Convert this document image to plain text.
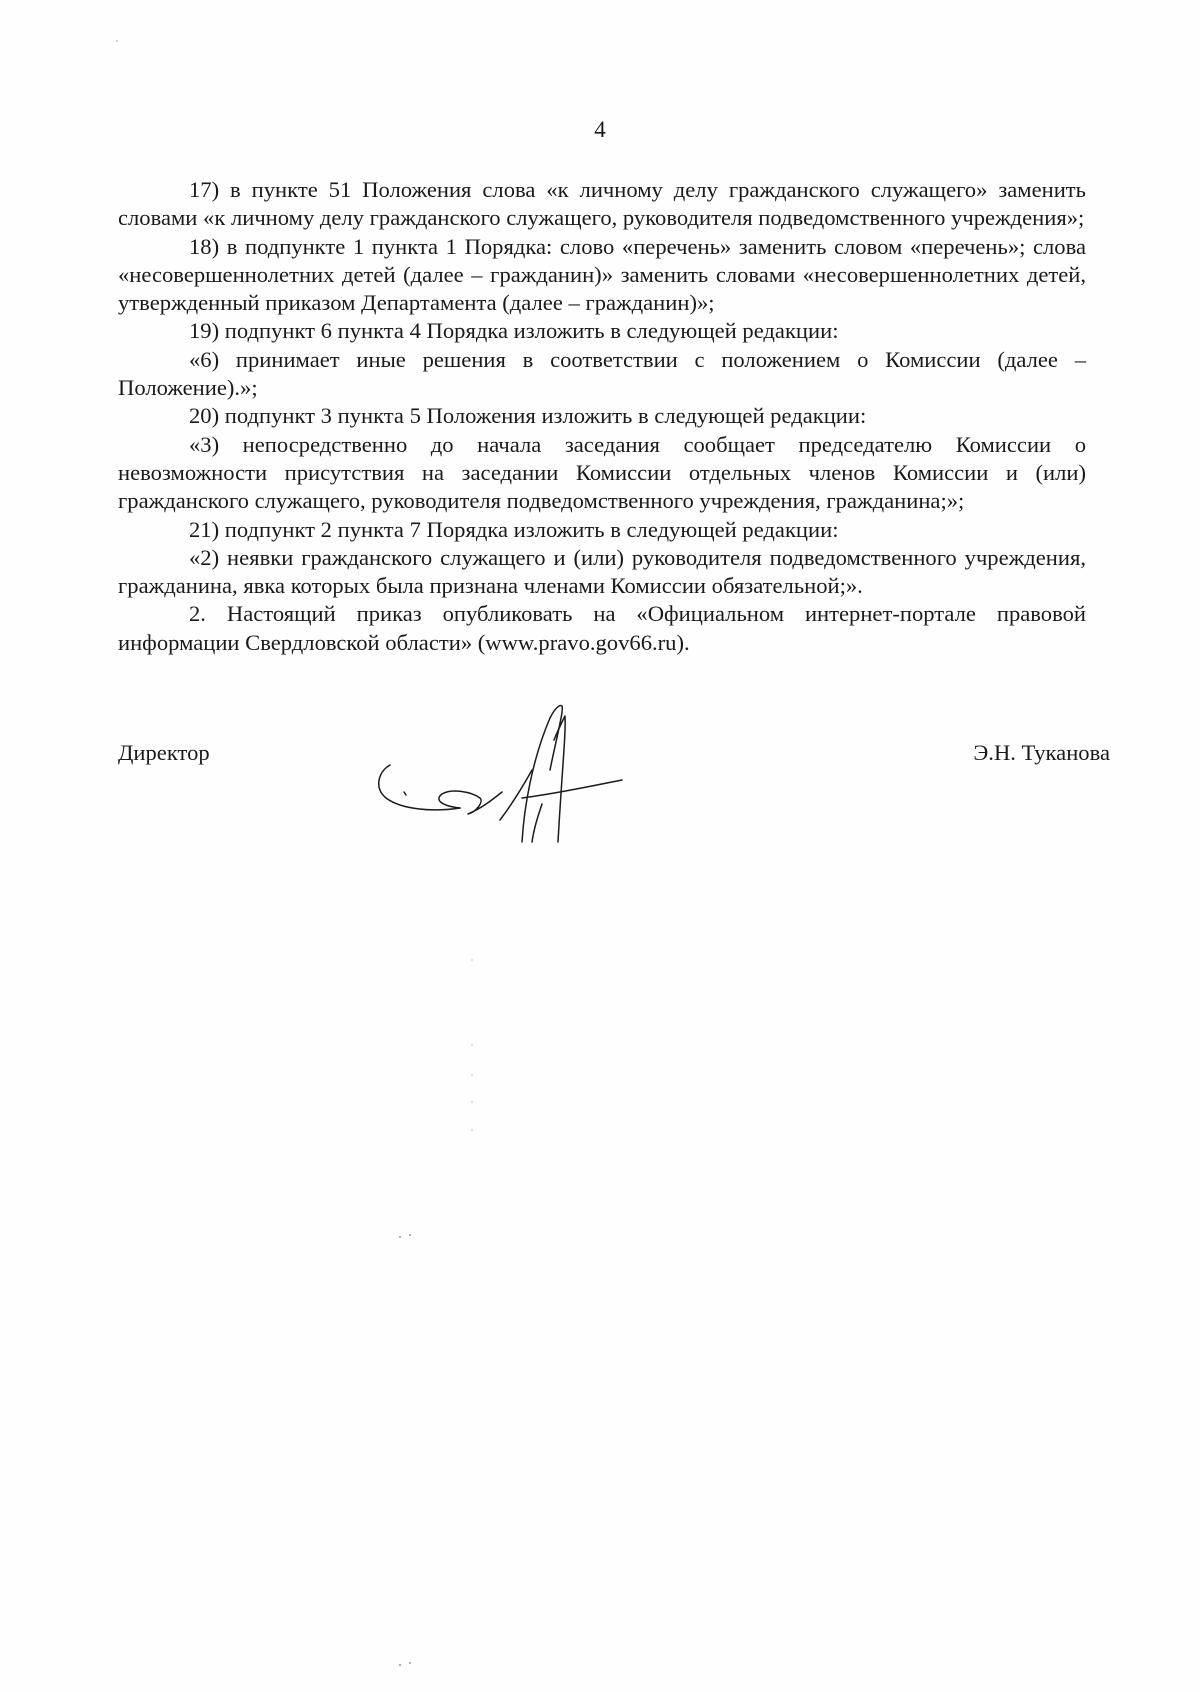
4

17) в пункте 51 Положения слова «к личному делу гражданского служащего» заменить словами «к личному делу гражданского служащего, руководителя подведомственного учреждения»;

18) в подпункте 1 пункта 1 Порядка: слово «перечень» заменить словом «перечень»; слова «несовершеннолетних детей (далее – гражданин)» заменить словами «несовершеннолетних детей, утвержденный приказом Департамента (далее – гражданин)»;

19) подпункт 6 пункта 4 Порядка изложить в следующей редакции:

«6) принимает иные решения в соответствии с положением о Комиссии (далее – Положение).»;

20) подпункт 3 пункта 5 Положения изложить в следующей редакции:

«3) непосредственно до начала заседания сообщает председателю Комиссии о невозможности присутствия на заседании Комиссии отдельных членов Комиссии и (или) гражданского служащего, руководителя подведомственного учреждения, гражданина;»;

21) подпункт 2 пункта 7 Порядка изложить в следующей редакции:

«2) неявки гражданского служащего и (или) руководителя подведомственного учреждения, гражданина, явка которых была признана членами Комиссии обязательной;».

2. Настоящий приказ опубликовать на «Официальном интернет-портале правовой информации Свердловской области» (www.pravo.gov66.ru).

Директор	Э.Н. Туканова
